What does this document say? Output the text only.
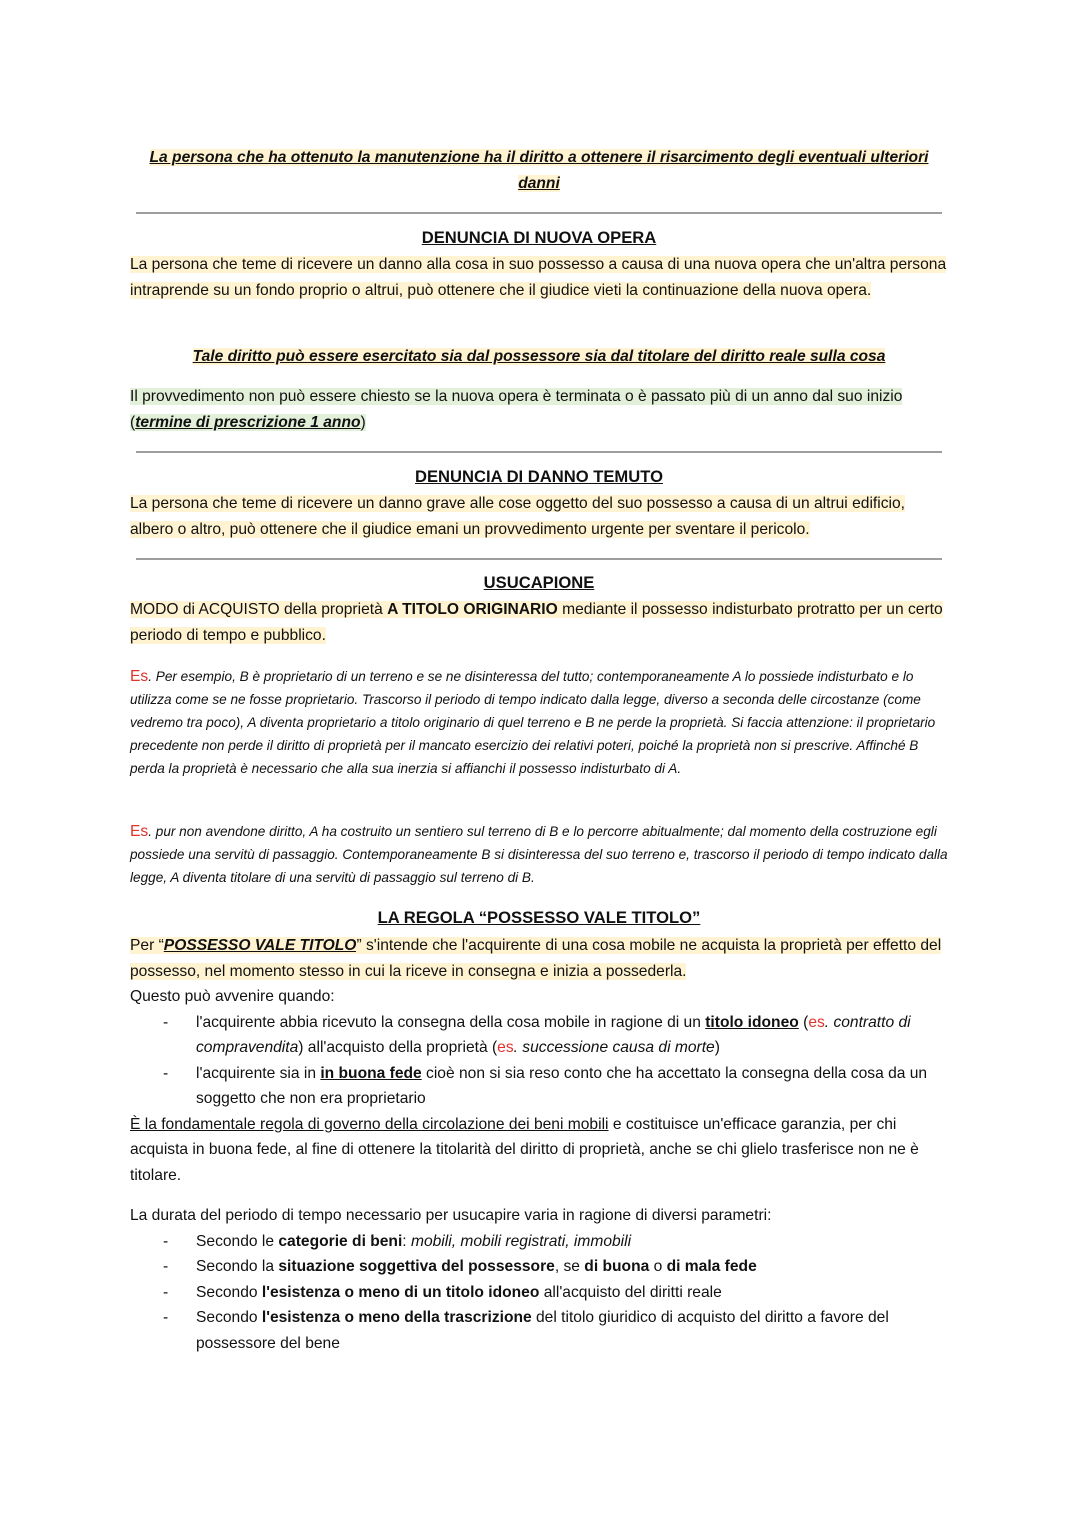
La persona che ha ottenuto la manutenzione ha il diritto a ottenere il risarcimento degli eventuali ulteriori
danni
DENUNCIA DI NUOVA OPERA
La persona che teme di ricevere un danno alla cosa in suo possesso a causa di una nuova opera che un'altra persona intraprende su un fondo proprio o altrui, può ottenere che il giudice vieti la continuazione della nuova opera.
Tale diritto può essere esercitato sia dal possessore sia dal titolare del diritto reale sulla cosa
Il provvedimento non può essere chiesto se la nuova opera è terminata o è passato più di un anno dal suo inizio (termine di prescrizione 1 anno)
DENUNCIA DI DANNO TEMUTO
La persona che teme di ricevere un danno grave alle cose oggetto del suo possesso a causa di un altrui edificio, albero o altro, può ottenere che il giudice emani un provvedimento urgente per sventare il pericolo.
USUCAPIONE
MODO di ACQUISTO della proprietà A TITOLO ORIGINARIO mediante il possesso indisturbato protratto per un certo periodo di tempo e pubblico.
Es. Per esempio, B è proprietario di un terreno e se ne disinteressa del tutto; contemporaneamente A lo possiede indisturbato e lo utilizza come se ne fosse proprietario. Trascorso il periodo di tempo indicato dalla legge, diverso a seconda delle circostanze (come vedremo tra poco), A diventa proprietario a titolo originario di quel terreno e B ne perde la proprietà. Si faccia attenzione: il proprietario precedente non perde il diritto di proprietà per il mancato esercizio dei relativi poteri, poiché la proprietà non si prescrive. Affinché B perda la proprietà è necessario che alla sua inerzia si affianchi il possesso indisturbato di A.
Es. pur non avendone diritto, A ha costruito un sentiero sul terreno di B e lo percorre abitualmente; dal momento della costruzione egli possiede una servitù di passaggio. Contemporaneamente B si disinteressa del suo terreno e, trascorso il periodo di tempo indicato dalla legge, A diventa titolare di una servitù di passaggio sul terreno di B.
LA REGOLA “POSSESSO VALE TITOLO”
Per “POSSESSO VALE TITOLO” s'intende che l'acquirente di una cosa mobile ne acquista la proprietà per effetto del possesso, nel momento stesso in cui la riceve in consegna e inizia a possederla.
Questo può avvenire quando:
- l'acquirente abbia ricevuto la consegna della cosa mobile in ragione di un titolo idoneo (es. contratto di compravendita) all'acquisto della proprietà (es. successione causa di morte)
- l'acquirente sia in in buona fede cioè non si sia reso conto che ha accettato la consegna della cosa da un soggetto che non era proprietario
È la fondamentale regola di governo della circolazione dei beni mobili e costituisce un'efficace garanzia, per chi acquista in buona fede, al fine di ottenere la titolarità del diritto di proprietà, anche se chi glielo trasferisce non ne è titolare.
La durata del periodo di tempo necessario per usucapire varia in ragione di diversi parametri:
- Secondo le categorie di beni: mobili, mobili registrati, immobili
- Secondo la situazione soggettiva del possessore, se di buona o di mala fede
- Secondo l'esistenza o meno di un titolo idoneo all'acquisto del diritti reale
- Secondo l'esistenza o meno della trascrizione del titolo giuridico di acquisto del diritto a favore del possessore del bene
